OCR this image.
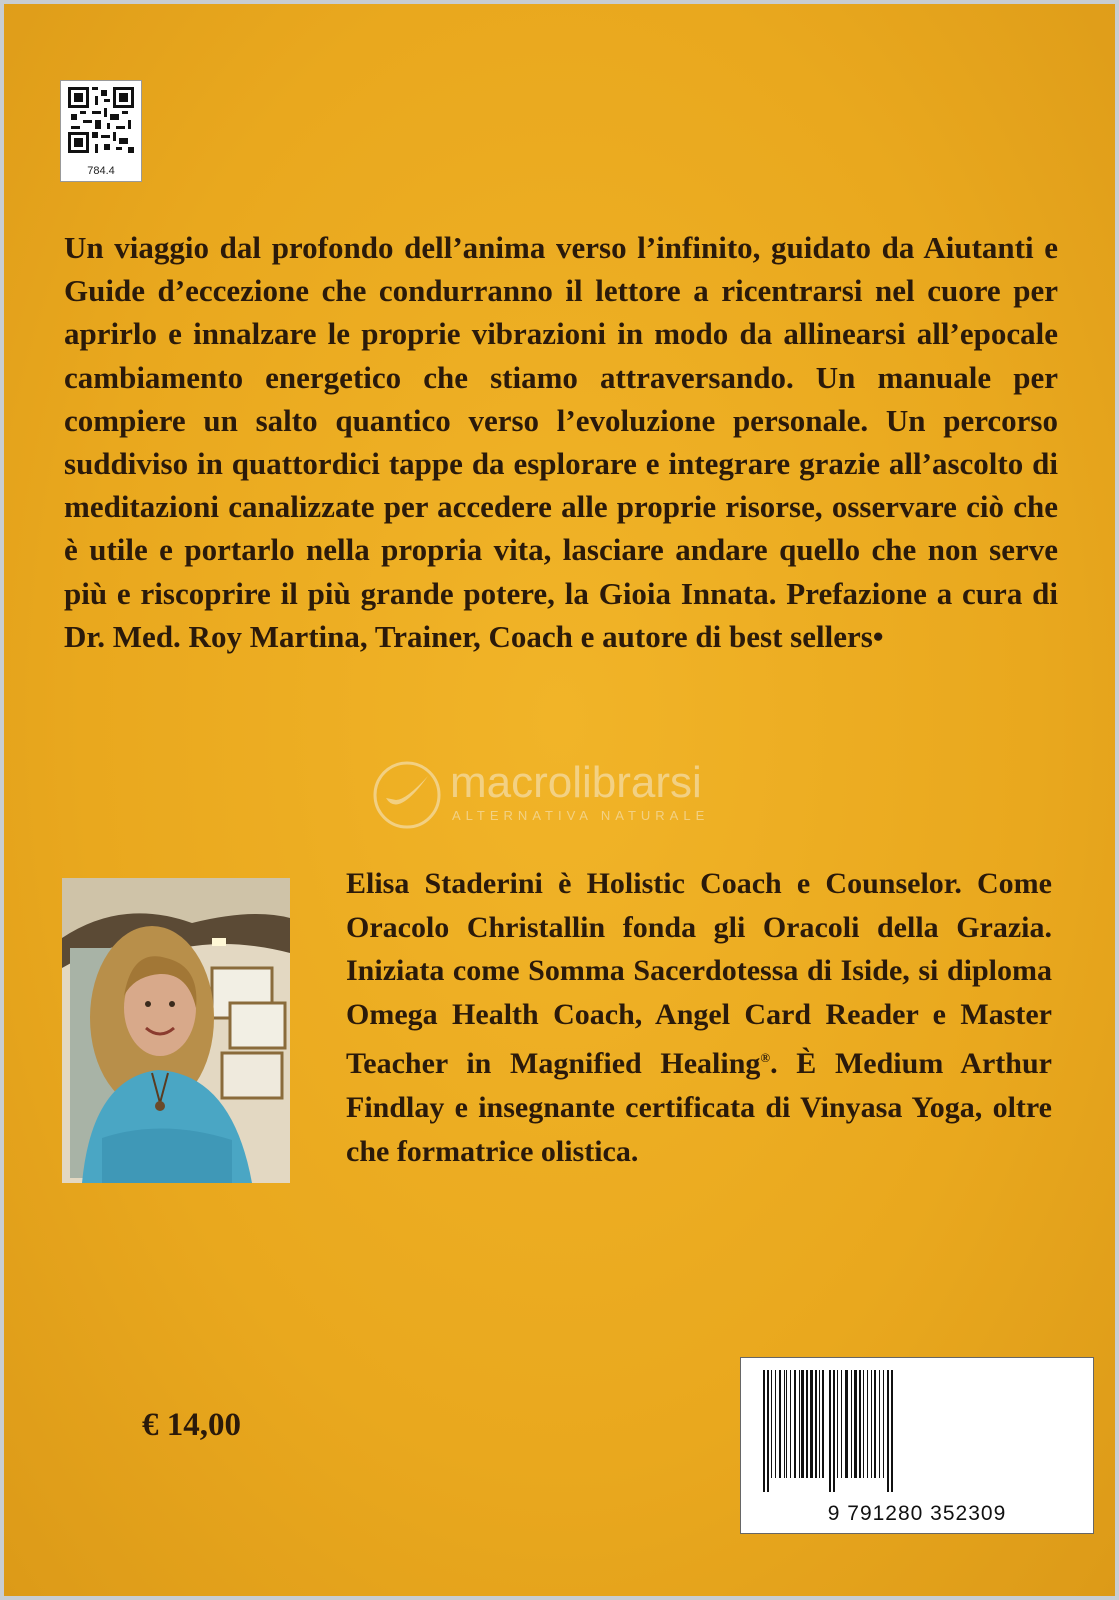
784.4

Un viaggio dal profondo dell’anima verso l’infinito, guidato da Aiutanti e Guide d’eccezione che condurranno il lettore a ricentrarsi nel cuore per aprirlo e innalzare le proprie vibrazioni in modo da allinearsi all’epocale cambiamento energetico che stiamo attraversando. Un manuale per compiere un salto quantico verso l’evoluzione personale. Un percorso suddiviso in quattordici tappe da esplorare e integrare grazie all’ascolto di meditazioni canalizzate per accedere alle proprie risorse, osservare ciò che è utile e portarlo nella propria vita, lasciare andare quello che non serve più e riscoprire il più grande potere, la Gioia Innata. Prefazione a cura di Dr. Med. Roy Martina, Trainer, Coach e autore di best sellers•

macrolibrarsi
ALTERNATIVA NATURALE

Elisa Staderini è Holistic Coach e Counselor. Come Oracolo Christallin fonda gli Oracoli della Grazia. Iniziata come Somma Sacerdotessa di Iside, si diploma Omega Health Coach, Angel Card Reader e Master Teacher in Magnified Healing®. È Medium Arthur Findlay e insegnante certificata di Vinyasa Yoga, oltre che formatrice olistica.

€ 14,00
9 791280 352309
